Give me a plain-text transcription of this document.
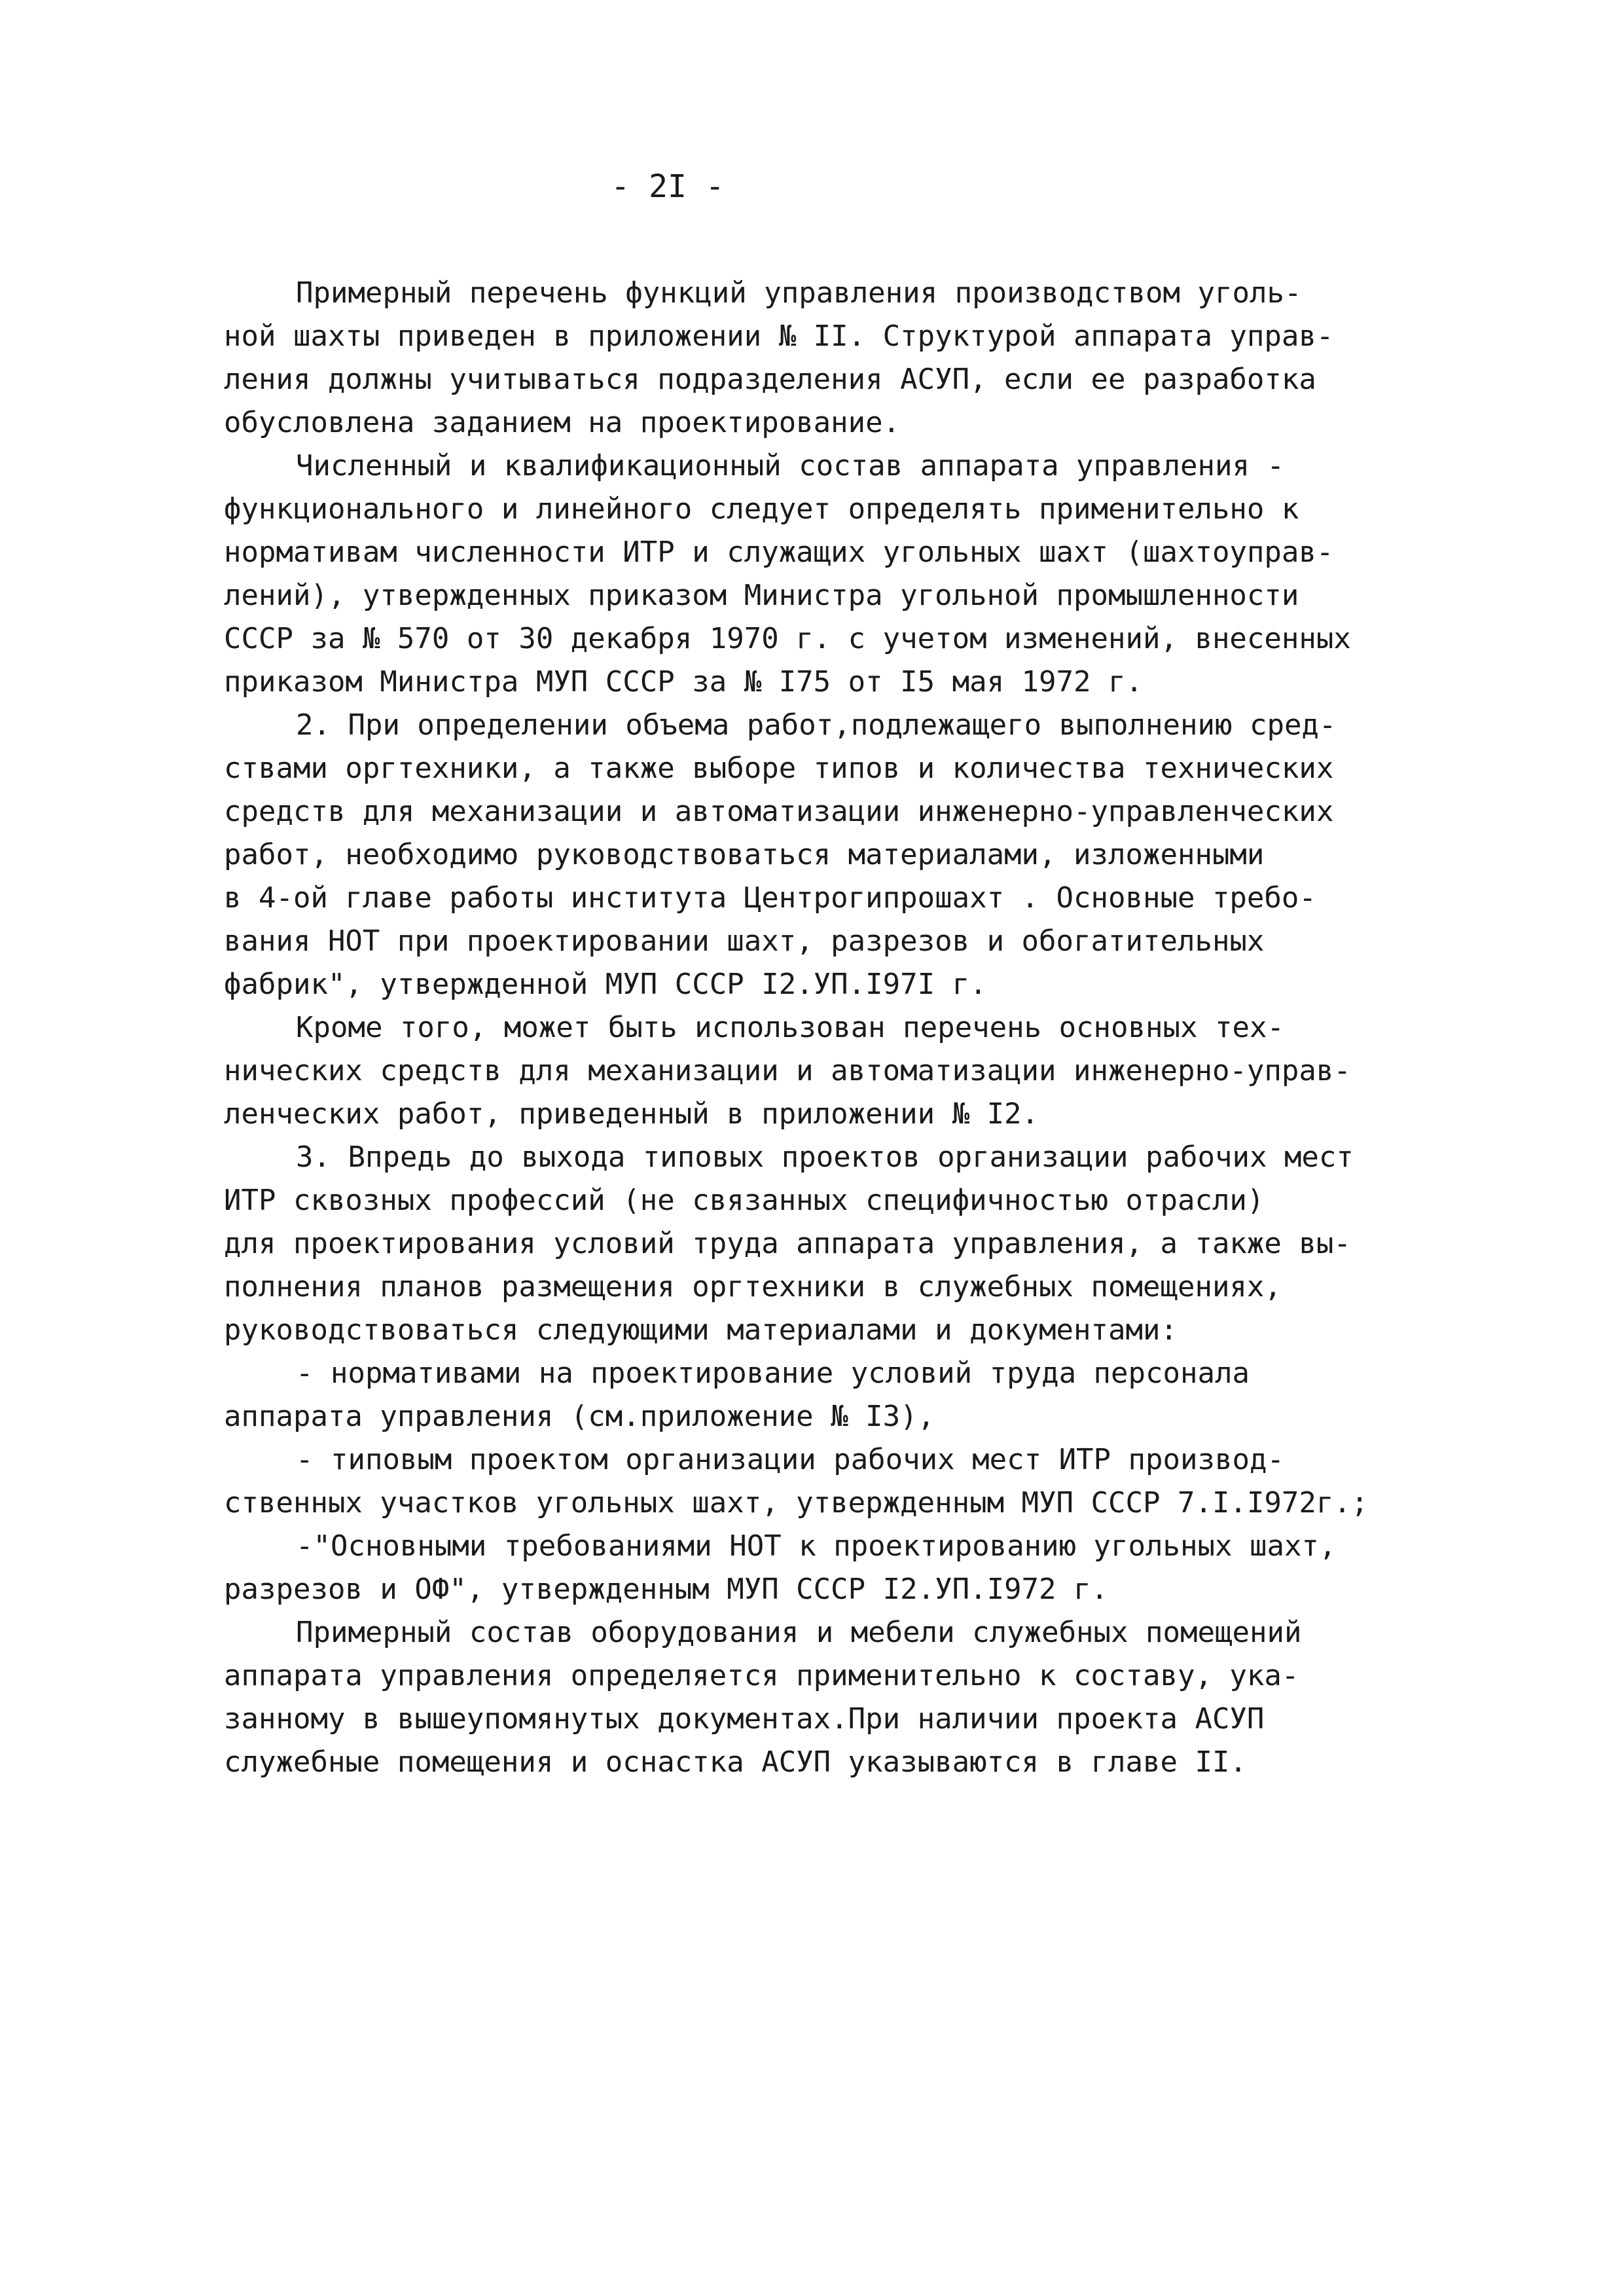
- 2I -
Примерный перечень функций управления производством уголь-
ной шахты приведен в приложении № II. Структурой аппарата управ-
ления должны учитываться подразделения АСУП, если ее разработка
обусловлена заданием на проектирование.
Численный и квалификационный состав аппарата управления -
функционального и линейного следует определять применительно к
нормативам численности ИТР и служащих угольных шахт (шахтоуправ-
лений), утвержденных приказом Министра угольной промышленности
СССР за № 570 от 30 декабря 1970 г. с учетом изменений, внесенных
приказом Министра МУП СССР за № I75 от I5 мая 1972 г.
2. При определении объема работ,подлежащего выполнению сред-
ствами оргтехники, а также выборе типов и количества технических
средств для механизации и автоматизации инженерно-управленческих
работ, необходимо руководствоваться материалами, изложенными
в 4-ой главе работы института Центрогипрошахт . Основные требо-
вания НОТ при проектировании шахт, разрезов и обогатительных
фабрик", утвержденной МУП СССР I2.УП.I97I г.
Кроме того, может быть использован перечень основных тех-
нических средств для механизации и автоматизации инженерно-управ-
ленческих работ, приведенный в приложении № I2.
3. Впредь до выхода типовых проектов организации рабочих мест
ИТР сквозных профессий (не связанных специфичностью отрасли)
для проектирования условий труда аппарата управления, а также вы-
полнения планов размещения оргтехники в служебных помещениях,
руководствоваться следующими материалами и документами:
- нормативами на проектирование условий труда персонала
аппарата управления (см.приложение № I3),
- типовым проектом организации рабочих мест ИТР производ-
ственных участков угольных шахт, утвержденным МУП СССР 7.I.I972г.;
-"Основными требованиями НОТ к проектированию угольных шахт,
разрезов и ОФ", утвержденным МУП СССР I2.УП.I972 г.
Примерный состав оборудования и мебели служебных помещений
аппарата управления определяется применительно к составу, ука-
занному в вышеупомянутых документах.При наличии проекта АСУП
служебные помещения и оснастка АСУП указываются в главе II.
